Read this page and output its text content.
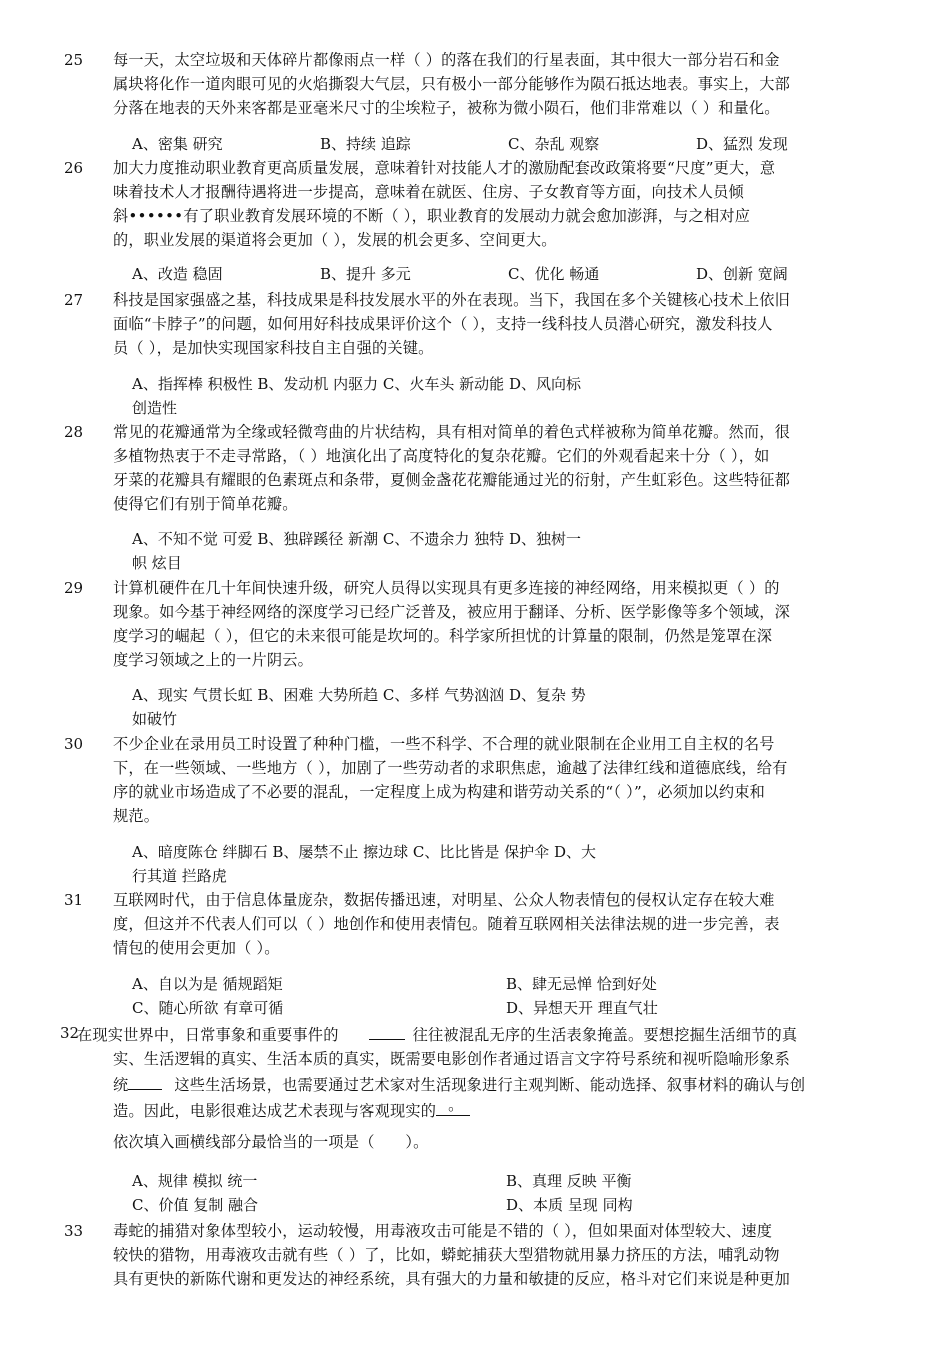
25 每一天，太空垃圾和天体碎片都像雨点一样（ ）的落在我们的行星表面，其中很大一部分岩石和金
属块将化作一道肉眼可见的火焰撕裂大气层，只有极小一部分能够作为陨石抵达地表。事实上，大部
分落在地表的天外来客都是亚毫米尺寸的尘埃粒子，被称为微小陨石，他们非常难以（ ）和量化。
A、密集 研究	B、持续 追踪	C、杂乱 观察	D、猛烈 发现
26 加大力度推动职业教育更高质量发展，意味着针对技能人才的激励配套改政策将要“尺度”更大，意
味着技术人才报酬待遇将进一步提高，意味着在就医、住房、子女教育等方面，向技术人员倾
斜••••••有了职业教育发展环境的不断（ ），职业教育的发展动力就会愈加澎湃，与之相对应
的，职业发展的渠道将会更加（ ），发展的机会更多、空间更大。
A、改造 稳固	B、提升 多元	C、优化 畅通	D、创新 宽阔
27 科技是国家强盛之基，科技成果是科技发展水平的外在表现。当下，我国在多个关键核心技术上依旧
面临“卡脖子”的问题，如何用好科技成果评价这个（ ），支持一线科技人员潜心研究，激发科技人
员（ ），是加快实现国家科技自主自强的关键。
A、指挥棒 积极性 B、发动机 内驱力 C、火车头 新动能 D、风向标
创造性
28 常见的花瓣通常为全缘或轻微弯曲的片状结构，具有相对简单的着色式样被称为简单花瓣。然而，很
多植物热衷于不走寻常路，（ ）地演化出了高度特化的复杂花瓣。它们的外观看起来十分（ ），如
牙菜的花瓣具有耀眼的色素斑点和条带，夏侧金盏花花瓣能通过光的衍射，产生虹彩色。这些特征都
使得它们有别于简单花瓣。
A、不知不觉 可爱 B、独辟蹊径 新潮 C、不遗余力 独特 D、独树一
帜 炫目
29 计算机硬件在几十年间快速升级，研究人员得以实现具有更多连接的神经网络，用来模拟更（ ）的
现象。如今基于神经网络的深度学习已经广泛普及，被应用于翻译、分析、医学影像等多个领域，深
度学习的崛起（ ），但它的未来很可能是坎坷的。科学家所担忧的计算量的限制，仍然是笼罩在深
度学习领域之上的一片阴云。
A、现实 气贯长虹 B、困难 大势所趋 C、多样 气势汹汹 D、复杂 势
如破竹
30 不少企业在录用员工时设置了种种门槛，一些不科学、不合理的就业限制在企业用工自主权的名号
下，在一些领域、一些地方（ ），加剧了一些劳动者的求职焦虑，逾越了法律红线和道德底线，给有
序的就业市场造成了不必要的混乱，一定程度上成为构建和谐劳动关系的“（ ）”，必须加以约束和
规范。
A、暗度陈仓 绊脚石 B、屡禁不止 擦边球 C、比比皆是 保护伞 D、大
行其道 拦路虎
31 互联网时代，由于信息体量庞杂，数据传播迅速，对明星、公众人物表情包的侵权认定存在较大难
度，但这并不代表人们可以（ ）地创作和使用表情包。随着互联网相关法律法规的进一步完善，表
情包的使用会更加（ ）。
A、自以为是 循规蹈矩	B、肆无忌惮 恰到好处
C、随心所欲 有章可循	D、异想天开 理直气壮
32
在现实世界中，日常事象和重要事件的	往往被混乱无序的生活表象掩盖。要想挖掘生活细节的真
实、生活逻辑的真实、生活本质的真实，既需要电影创作者通过语言文字符号系统和视听隐喻形象系
统	这些生活场景，也需要通过艺术家对生活现象进行主观判断、能动选择、叙事材料的确认与创
造。因此，电影很难达成艺术表现与客观现实的 。
依次填入画横线部分最恰当的一项是（　　）。
A、规律 模拟 统一	B、真理 反映 平衡
C、价值 复制 融合	D、本质 呈现 同构
33 毒蛇的捕猎对象体型较小，运动较慢，用毒液攻击可能是不错的（ ），但如果面对体型较大、速度
较快的猎物，用毒液攻击就有些（ ）了，比如，蟒蛇捕获大型猎物就用暴力挤压的方法，哺乳动物
具有更快的新陈代谢和更发达的神经系统，具有强大的力量和敏捷的反应，格斗对它们来说是种更加
